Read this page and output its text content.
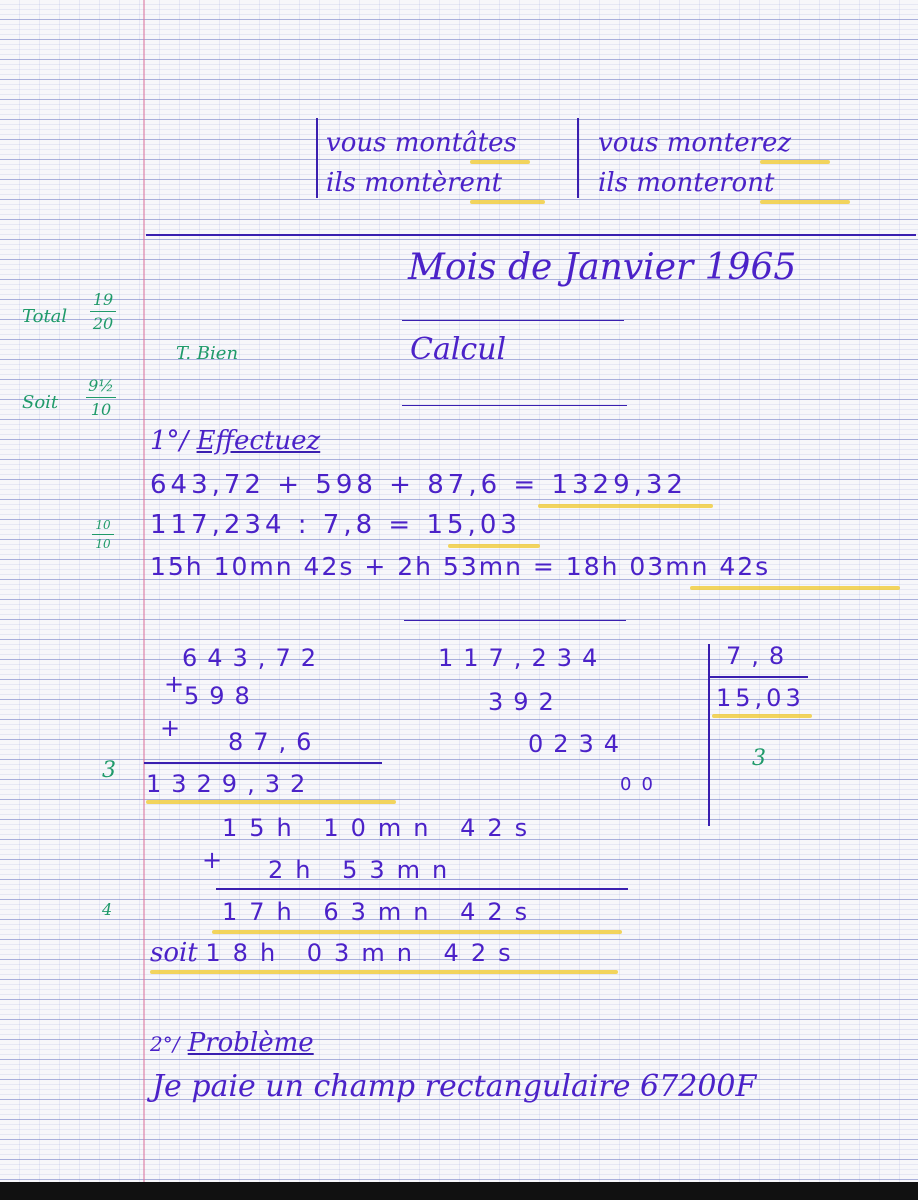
vous montâtes
ils montèrent
vous monterez
ils monteront
Mois de Janvier 1965
Calcul
Total
19
20
T. Bien
Soit
9½
10
10
10
1°/ Effectuez
643,72 + 598 + 87,6 = 1329,32
117,234 : 7,8 = 15,03
15h 10mn 42s + 2h 53mn = 18h 03mn 42s
643,72
+
598
+ 87,6
1329,32
3
117,234
392
0234
00
7,8
15,03
3
15h 10mn 42s
+ 2h 53mn
17h 63mn 42s
4
soit 18h 03mn 42s
2°/ Problème
Je paie un champ rectangulaire 67200F
